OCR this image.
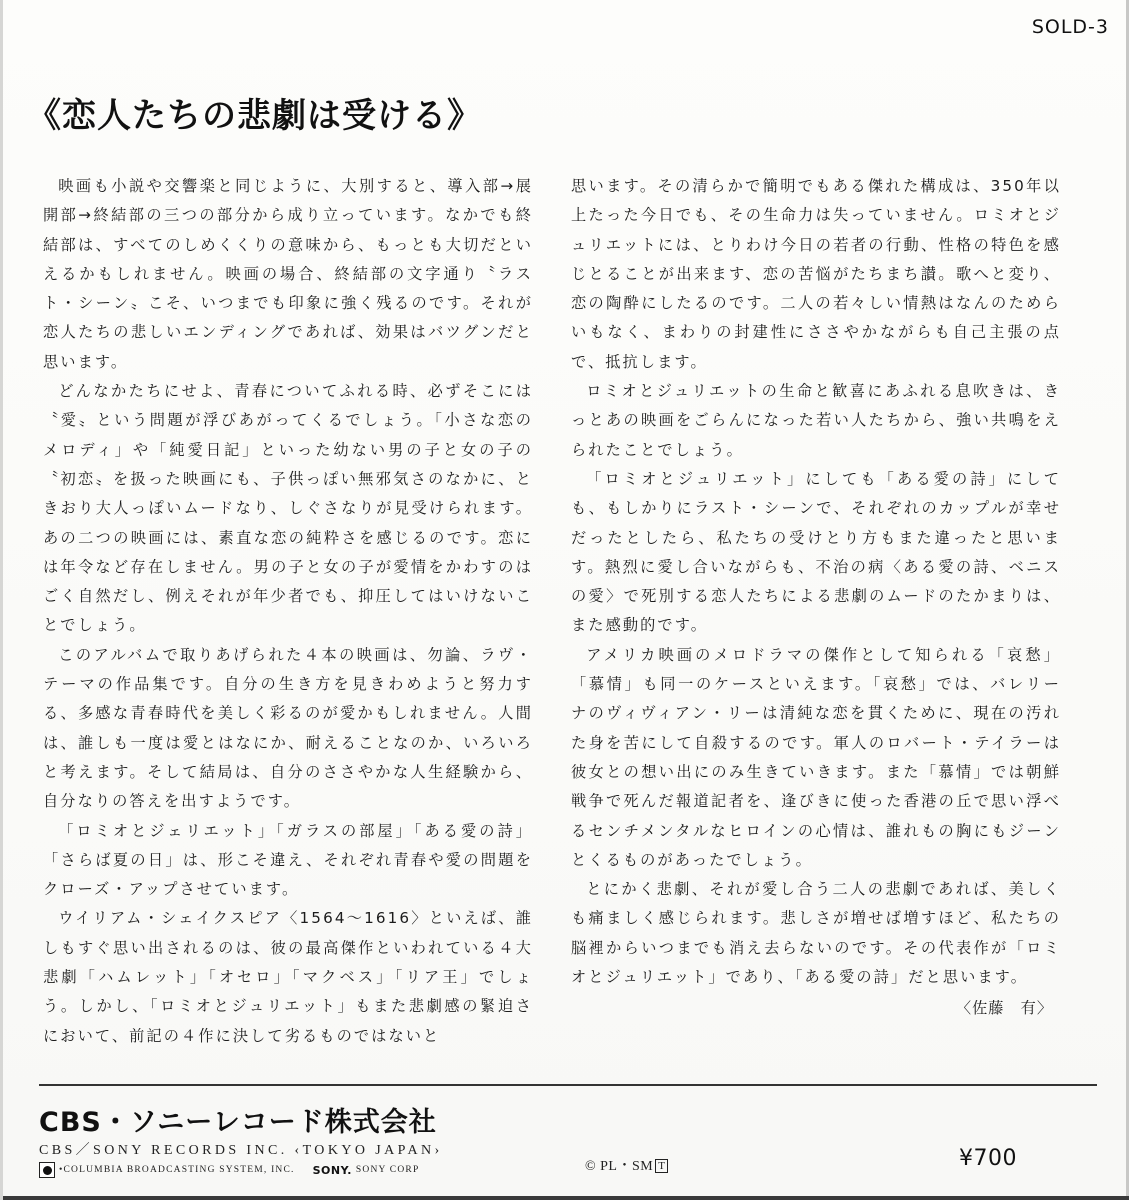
SOLD-3
《恋人たちの悲劇は受ける》

映画も小説や交響楽と同じように、大別すると、導入部→展開部→終結部の三つの部分から成り立っています。なかでも終結部は、すべてのしめくくりの意味から、もっとも大切だといえるかもしれません。映画の場合、終結部の文字通り〝ラスト・シーン〟こそ、いつまでも印象に強く残るのです。それが恋人たちの悲しいエンディングであれば、効果はバツグンだと思います。

どんなかたちにせよ、青春についてふれる時、必ずそこには〝愛〟という問題が浮びあがってくるでしょう。「小さな恋のメロディ」や「純愛日記」といった幼ない男の子と女の子の〝初恋〟を扱った映画にも、子供っぽい無邪気さのなかに、ときおり大人っぽいムードなり、しぐさなりが見受けられます。あの二つの映画には、素直な恋の純粋さを感じるのです。恋には年令など存在しません。男の子と女の子が愛情をかわすのはごく自然だし、例えそれが年少者でも、抑圧してはいけないことでしょう。

このアルバムで取りあげられた４本の映画は、勿論、ラヴ・テーマの作品集です。自分の生き方を見きわめようと努力する、多感な青春時代を美しく彩るのが愛かもしれません。人間は、誰しも一度は愛とはなにか、耐えることなのか、いろいろと考えます。そして結局は、自分のささやかな人生経験から、自分なりの答えを出すようです。

「ロミオとジェリエット」「ガラスの部屋」「ある愛の詩」「さらば夏の日」は、形こそ違え、それぞれ青春や愛の問題をクローズ・アップさせています。

ウイリアム・シェイクスピア〈1564〜1616〉といえば、誰しもすぐ思い出されるのは、彼の最高傑作といわれている４大悲劇「ハムレット」「オセロ」「マクベス」「リア王」でしょう。しかし、「ロミオとジュリエット」もまた悲劇感の緊迫さにおいて、前記の４作に決して劣るものではないと

思います。その清らかで簡明でもある傑れた構成は、350年以上たった今日でも、その生命力は失っていません。ロミオとジュリエットには、とりわけ今日の若者の行動、性格の特色を感じとることが出来ます、恋の苦悩がたちまち讃。歌へと変り、恋の陶酔にしたるのです。二人の若々しい情熱はなんのためらいもなく、まわりの封建性にささやかながらも自己主張の点で、抵抗します。

ロミオとジュリエットの生命と歓喜にあふれる息吹きは、きっとあの映画をごらんになった若い人たちから、強い共鳴をえられたことでしょう。

「ロミオとジュリエット」にしても「ある愛の詩」にしても、もしかりにラスト・シーンで、それぞれのカップルが幸せだったとしたら、私たちの受けとり方もまた違ったと思います。熱烈に愛し合いながらも、不治の病〈ある愛の詩、ベニスの愛〉で死別する恋人たちによる悲劇のムードのたかまりは、また感動的です。

アメリカ映画のメロドラマの傑作として知られる「哀愁」「慕情」も同一のケースといえます。「哀愁」では、バレリーナのヴィヴィアン・リーは清純な恋を貫くために、現在の汚れた身を苦にして自殺するのです。軍人のロバート・テイラーは彼女との想い出にのみ生きていきます。また「慕情」では朝鮮戦争で死んだ報道記者を、逢びきに使った香港の丘で思い浮べるセンチメンタルなヒロインの心情は、誰れもの胸にもジーンとくるものがあったでしょう。

とにかく悲劇、それが愛し合う二人の悲劇であれば、美しくも痛ましく感じられます。悲しさが増せば増すほど、私たちの脳裡からいつまでも消え去らないのです。その代表作が「ロミオとジュリエット」であり、「ある愛の詩」だと思います。

〈佐藤　有〉
CBS・ソニーレコード株式会社
CBS／SONY RECORDS INC. ‹TOKYO JAPAN›
•COLUMBIA BROADCASTING SYSTEM, INC. SONY. SONY CORP	© PL・SM T	¥700
